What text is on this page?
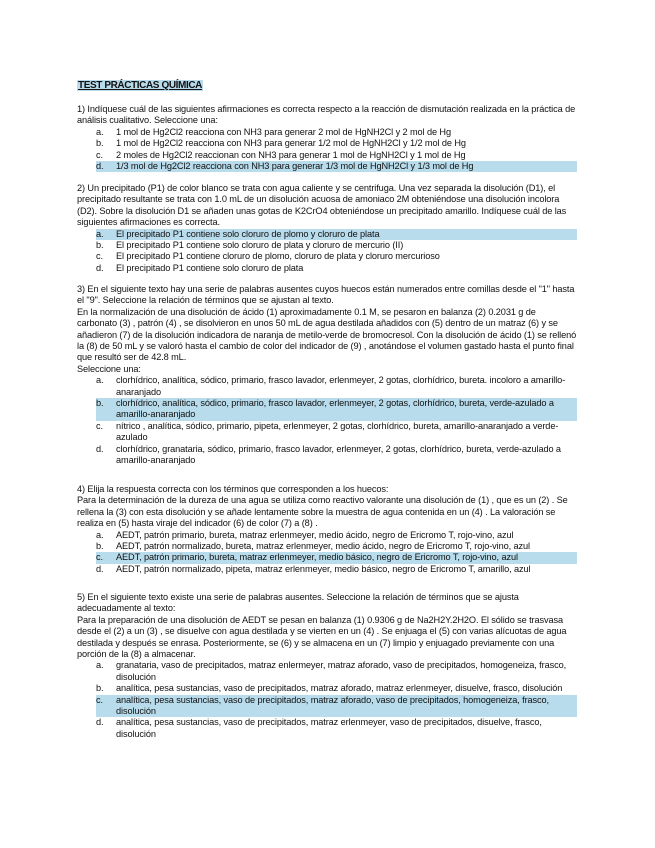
TEST PRÁCTICAS QUÍMICA
1) Indíquese cuál de las siguientes afirmaciones es correcta respecto a la reacción de dismutación realizada en la práctica de análisis cualitativo. Seleccione una:
a.	1 mol de Hg2Cl2 reacciona con NH3 para generar 2 mol de HgNH2Cl y 2 mol de Hg
b.	1 mol de Hg2Cl2 reacciona con NH3 para generar 1/2 mol de HgNH2Cl y 1/2 mol de Hg
c.	2 moles de Hg2Cl2 reaccionan con NH3 para generar 1 mol de HgNH2Cl y 1 mol de Hg
d.	1/3 mol de Hg2Cl2 reacciona con NH3 para generar 1/3 mol de HgNH2Cl y 1/3 mol de Hg
2) Un precipitado (P1) de color blanco se trata con agua caliente y se centrifuga. Una vez separada la disolución (D1), el precipitado resultante se trata con 1.0 mL de un disolución acuosa de amoniaco 2M obteniéndose una disolución incolora (D2). Sobre la disolución D1 se añaden unas gotas de K2CrO4 obteniéndose un precipitado amarillo. Indíquese cuál de las siguientes afirmaciones es correcta.
a.	El precipitado P1 contiene solo cloruro de plomo y cloruro de plata
b.	El precipitado P1 contiene solo cloruro de plata y cloruro de mercurio (II)
c.	El precipitado P1 contiene cloruro de plomo, cloruro de plata y cloruro mercurioso
d.	El precipitado P1 contiene solo cloruro de plata
3) En el siguiente texto hay una serie de palabras ausentes cuyos huecos están numerados entre comillas desde el "1" hasta el "9". Seleccione la relación de términos que se ajustan al texto.
En la normalización de una disolución de ácido (1) aproximadamente 0.1 M, se pesaron en balanza (2) 0.2031 g de carbonato (3) , patrón (4) , se disolvieron en unos 50 mL de agua destilada añadidos con (5) dentro de un matraz (6) y se añadieron (7) de la disolución indicadora de naranja de metilo-verde de bromocresol. Con la disolución de ácido (1) se rellenó la (8) de 50 mL y se valoró hasta el cambio de color del indicador de (9) , anotándose el volumen gastado hasta el punto final que resultó ser de 42.8 mL.
Seleccione una:
a.	clorhídrico, analítica, sódico, primario, frasco lavador, erlenmeyer, 2 gotas, clorhídrico, bureta. incoloro a amarillo-anaranjado
b.	clorhídrico, analítica, sódico, primario, frasco lavador, erlenmeyer, 2 gotas, clorhídrico, bureta, verde-azulado a amarillo-anaranjado
c.	nítrico , analítica, sódico, primario, pipeta, erlenmeyer, 2 gotas, clorhídrico, bureta, amarillo-anaranjado a verde-azulado
d.	clorhídrico, granataria, sódico, primario, frasco lavador, erlenmeyer, 2 gotas, clorhídrico, bureta, verde-azulado a amarillo-anaranjado
4) Elija la respuesta correcta con los términos que corresponden a los huecos:
Para la determinación de la dureza de una agua se utiliza como reactivo valorante una disolución de (1) , que es un (2) . Se rellena la (3) con esta disolución y se añade lentamente sobre la muestra de agua contenida en un (4) . La valoración se realiza en (5) hasta viraje del indicador (6) de color (7) a (8) .
a.	AEDT, patrón primario, bureta, matraz erlenmeyer, medio ácido, negro de Ericromo T, rojo-vino, azul
b.	AEDT, patrón normalizado, bureta, matraz erlenmeyer, medio ácido, negro de Ericromo T, rojo-vino, azul
c.	AEDT, patrón primario, bureta, matraz erlenmeyer, medio básico, negro de Ericromo T, rojo-vino, azul
d.	AEDT, patrón normalizado, pipeta, matraz erlenmeyer, medio básico, negro de Ericromo T, amarillo, azul
5) En el siguiente texto existe una serie de palabras ausentes. Seleccione la relación de términos que se ajusta adecuadamente al texto:
Para la preparación de una disolución de AEDT se pesan en balanza (1) 0.9306 g de Na2H2Y.2H2O. El sólido se trasvasa desde el (2) a un (3) , se disuelve con agua destilada y se vierten en un (4) . Se enjuaga el (5) con varias alícuotas de agua destilada y después se enrasa. Posteriormente, se (6) y se almacena en un (7) limpio y enjuagado previamente con una porción de la (8) a almacenar.
a.	granataria, vaso de precipitados, matraz enlermeyer, matraz aforado, vaso de precipitados, homogeneiza, frasco, disolución
b.	analítica, pesa sustancias, vaso de precipitados, matraz aforado, matraz erlenmeyer, disuelve, frasco, disolución
c.	analítica, pesa sustancias, vaso de precipitados, matraz aforado, vaso de precipitados, homogeneiza, frasco, disolución
d.	analítica, pesa sustancias, vaso de precipitados, matraz erlenmeyer, vaso de precipitados, disuelve, frasco, disolución
